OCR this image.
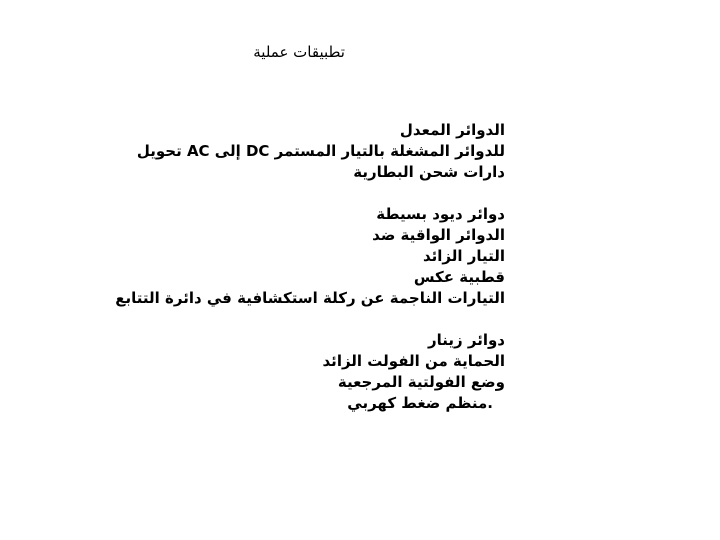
تطبيقات عملية
الدوائر المعدل
للدوائر المشغلة بالتيار المستمر DC إلى AC تحويل
دارات شحن البطارية
دوائر ديود بسيطة
الدوائر الواقية ضد
التيار الزائد
قطبية عكس
التيارات الناجمة عن ركلة استكشافية في دائرة التتابع
دوائر زينار
الحماية من الفولت الزائد
وضع الفولتية المرجعية
.منظم ضغط كهربي
